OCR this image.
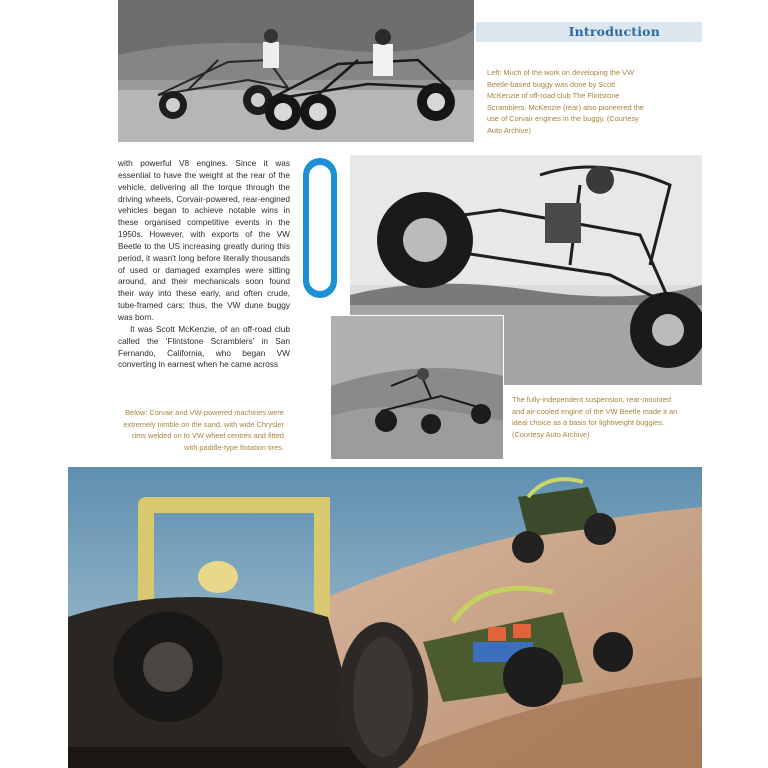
Introduction

Left: Much of the work on developing the VW Beetle-based buggy was done by Scott McKenzie of off-road club The Flintstone Scramblers. McKenzie (rear) also pioneered the use of Corvair engines in the buggy. (Courtesy Auto Archive)

with powerful V8 engines. Since it was essential to have the weight at the rear of the vehicle, delivering all the torque through the driving wheels, Corvair-powered, rear-engined vehicles began to achieve notable wins in these organised competitive events in the 1950s. However, with exports of the VW Beetle to the US increasing greatly during this period, it wasn't long before literally thousands of used or damaged examples were sitting around, and their mechanicals soon found their way into these early, and often crude, tube-framed cars; thus, the VW dune buggy was born.

It was Scott McKenzie, of an off-road club called the 'Flintstone Scramblers' in San Fernando, California, who began VW converting in earnest when he came across

Below: Corvair and VW-powered machines were extremely nimble on the sand, with wide Chrysler rims welded on to VW wheel centres and fitted with paddle-type flotation tires.

The fully-independent suspension, rear-mounted and air-cooled engine of the VW Beetle made it an ideal choice as a basis for lightweight buggies. (Courtesy Auto Archive)
